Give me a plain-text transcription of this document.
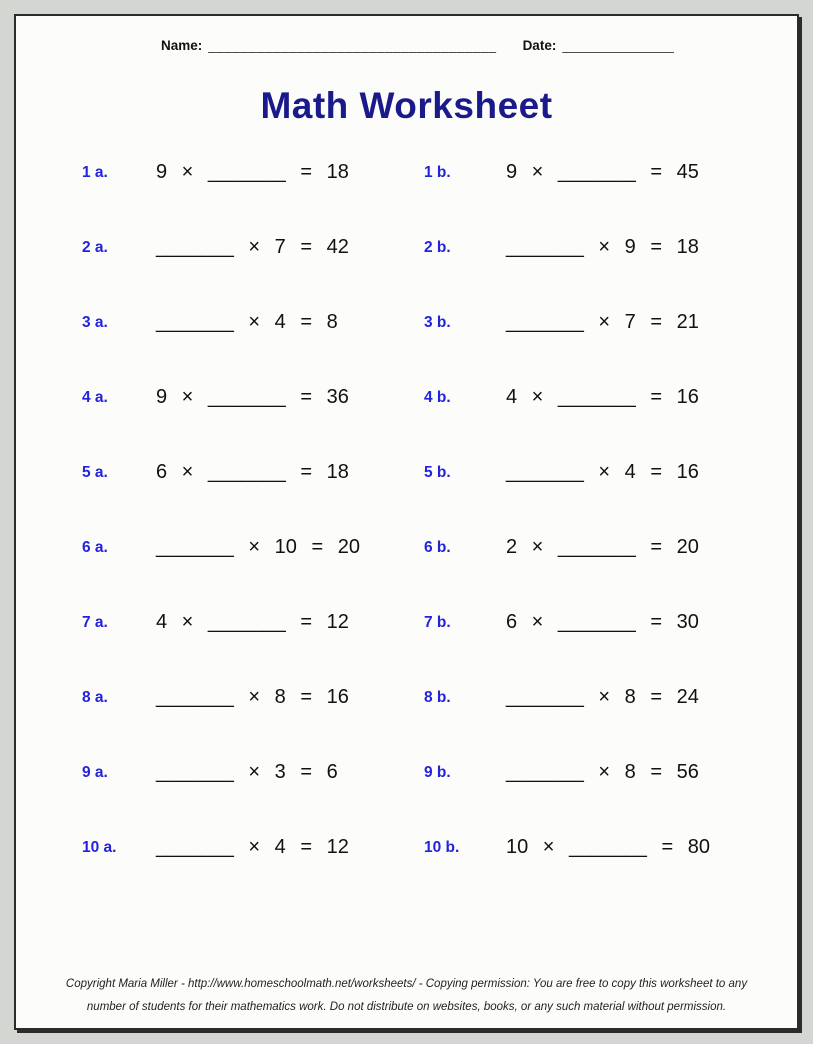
Name: ____________________________________ Date: ______________
Math Worksheet
1 a.	9 × _______ = 18	1 b.	9 × _______ = 45
2 a.	_______ × 7 = 42	2 b.	_______ × 9 = 18
3 a.	_______ × 4 = 8	3 b.	_______ × 7 = 21
4 a.	9 × _______ = 36	4 b.	4 × _______ = 16
5 a.	6 × _______ = 18	5 b.	_______ × 4 = 16
6 a.	_______ × 10 = 20	6 b.	2 × _______ = 20
7 a.	4 × _______ = 12	7 b.	6 × _______ = 30
8 a.	_______ × 8 = 16	8 b.	_______ × 8 = 24
9 a.	_______ × 3 = 6	9 b.	_______ × 8 = 56
10 a.	_______ × 4 = 12	10 b.	10 × _______ = 80
Copyright Maria Miller - http://www.homeschoolmath.net/worksheets/ - Copying permission: You are free to copy this worksheet to any number of students for their mathematics work. Do not distribute on websites, books, or any such material without permission.
